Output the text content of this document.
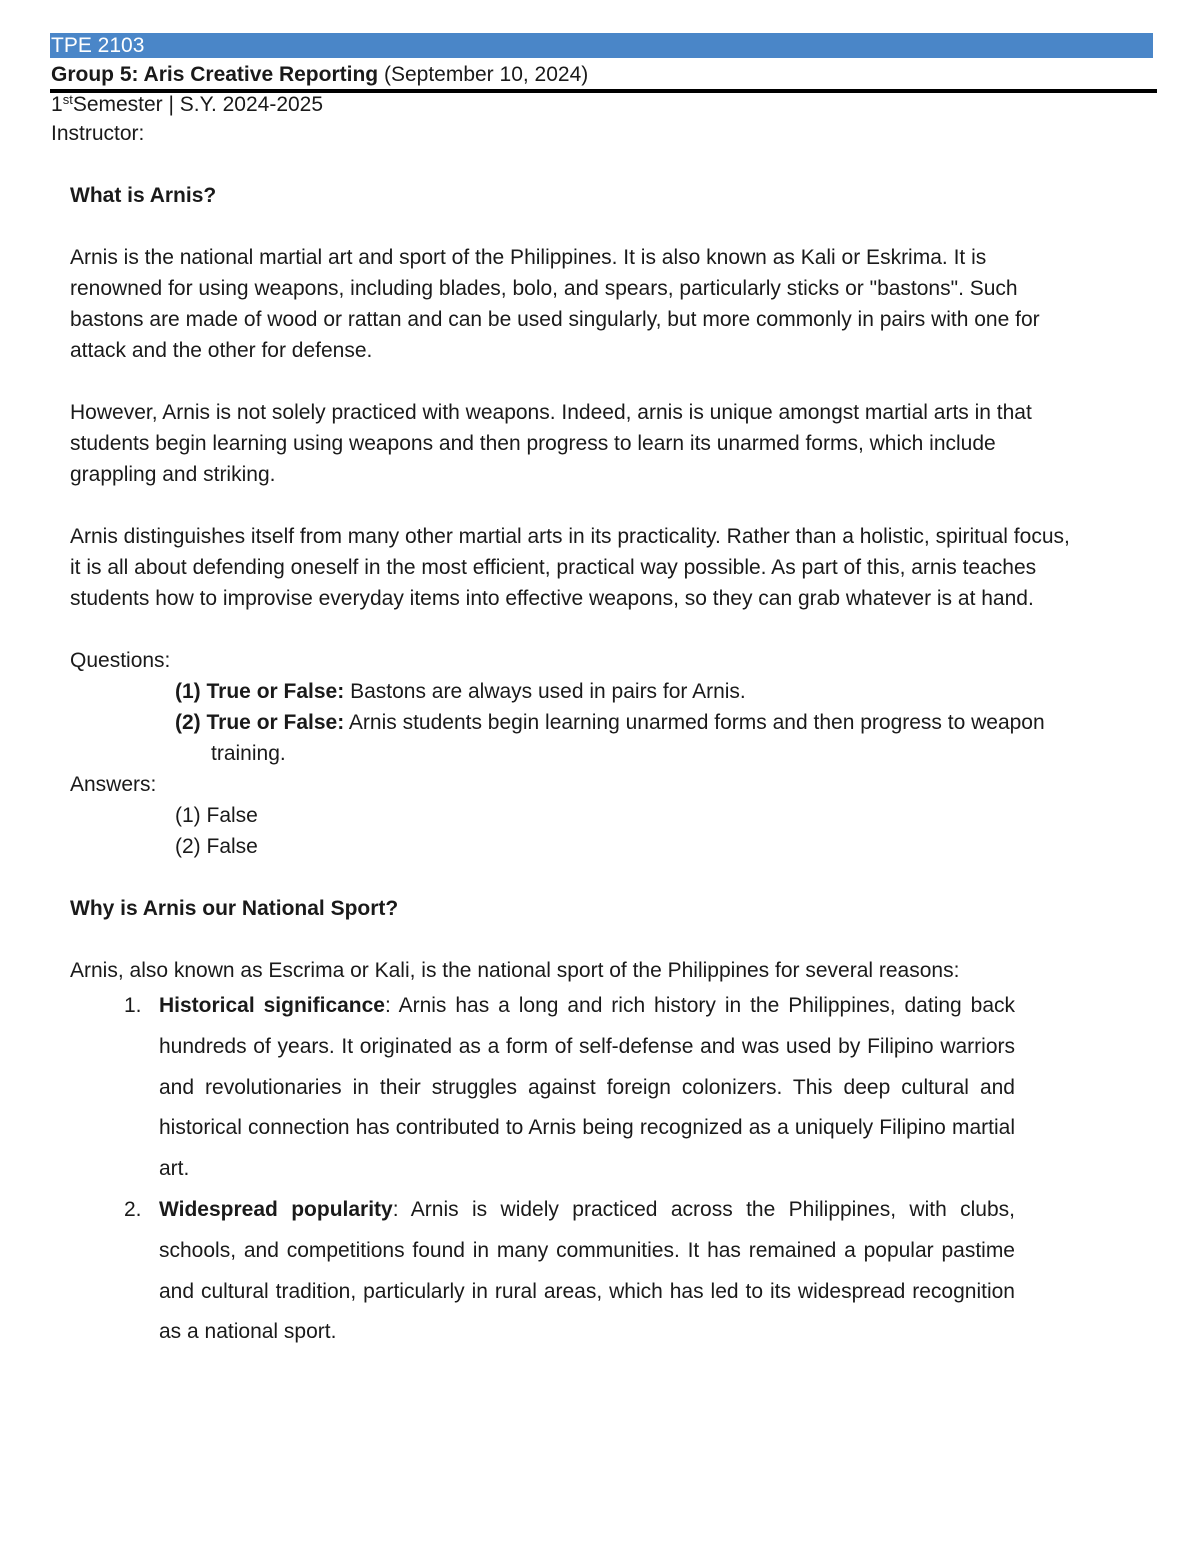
TPE 2103
Group 5: Aris Creative Reporting (September 10, 2024)
1stSemester | S.Y. 2024-2025
Instructor:

What is Arnis?

Arnis is the national martial art and sport of the Philippines. It is also known as Kali or Eskrima. It is renowned for using weapons, including blades, bolo, and spears, particularly sticks or "bastons". Such bastons are made of wood or rattan and can be used singularly, but more commonly in pairs with one for attack and the other for defense.

However, Arnis is not solely practiced with weapons. Indeed, arnis is unique amongst martial arts in that students begin learning using weapons and then progress to learn its unarmed forms, which include grappling and striking.

Arnis distinguishes itself from many other martial arts in its practicality. Rather than a holistic, spiritual focus, it is all about defending oneself in the most efficient, practical way possible. As part of this, arnis teaches students how to improvise everyday items into effective weapons, so they can grab whatever is at hand.

Questions:

(1) True or False: Bastons are always used in pairs for Arnis.

(2) True or False: Arnis students begin learning unarmed forms and then progress to weapon training.

Answers:

(1) False

(2) False

Why is Arnis our National Sport?

Arnis, also known as Escrima or Kali, is the national sport of the Philippines for several reasons:

1. Historical significance: Arnis has a long and rich history in the Philippines, dating back hundreds of years. It originated as a form of self-defense and was used by Filipino warriors and revolutionaries in their struggles against foreign colonizers. This deep cultural and historical connection has contributed to Arnis being recognized as a uniquely Filipino martial art.
2. Widespread popularity: Arnis is widely practiced across the Philippines, with clubs, schools, and competitions found in many communities. It has remained a popular pastime and cultural tradition, particularly in rural areas, which has led to its widespread recognition as a national sport.
